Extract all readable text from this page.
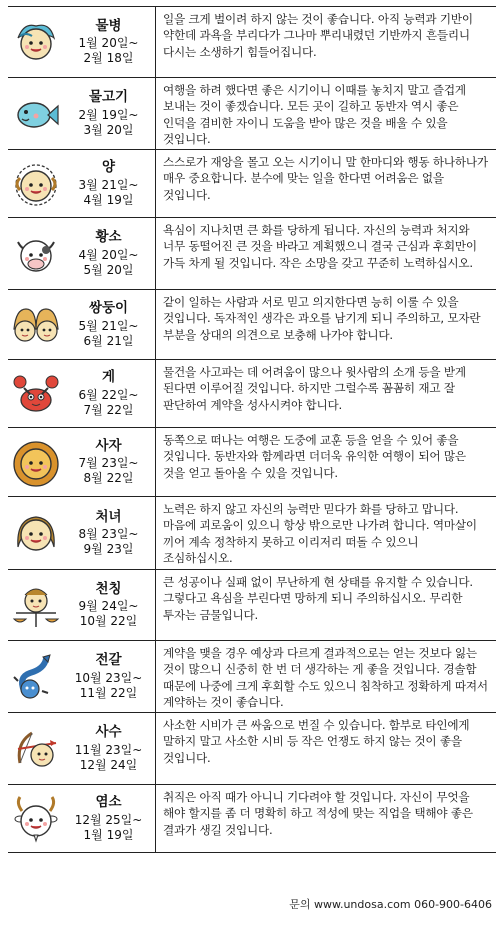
물병
1월 20일~
2월 18일
일을 크게 벌이려 하지 않는 것이 좋습니다. 아직 능력과 기반이 약한데 과욕을 부리다가 그나마 뿌리내렸던 기반까지 흔들리니 다시는 소생하기 힘들어집니다.
물고기
2월 19일~
3월 20일
여행을 하려 했다면 좋은 시기이니 이때를 놓치지 말고 즐겁게 보내는 것이 좋겠습니다. 모든 곳이 길하고 동반자 역시 좋은 인덕을 겸비한 자이니 도움을 받아 많은 것을 배울 수 있을 것입니다.
양
3월 21일~
4월 19일
스스로가 재앙을 몰고 오는 시기이니 말 한마디와 행동 하나하나가 매우 중요합니다. 분수에 맞는 일을 한다면 어려움은 없을 것입니다.
황소
4월 20일~
5월 20일
욕심이 지나치면 큰 화를 당하게 됩니다. 자신의 능력과 처지와 너무 동떨어진 큰 것을 바라고 계획했으니 결국 근심과 후회만이 가득 차게 될 것입니다. 작은 소망을 갖고 꾸준히 노력하십시오.
쌍둥이
5월 21일~
6월 21일
같이 일하는 사람과 서로 믿고 의지한다면 능히 이룰 수 있을 것입니다. 독자적인 생각은 과오를 남기게 되니 주의하고, 모자란 부분을 상대의 의견으로 보충해 나가야 합니다.
게
6월 22일~
7월 22일
물건을 사고파는 데 어려움이 많으나 윗사람의 소개 등을 받게 된다면 이루어질 것입니다. 하지만 그럴수록 꼼꼼히 재고 잘 판단하여 계약을 성사시켜야 합니다.
사자
7월 23일~
8월 22일
동쪽으로 떠나는 여행은 도중에 교훈 등을 얻을 수 있어 좋을 것입니다. 동반자와 함께라면 더더욱 유익한 여행이 되어 많은 것을 얻고 돌아올 수 있을 것입니다.
처녀
8월 23일~
9월 23일
노력은 하지 않고 자신의 능력만 믿다가 화를 당하고 맙니다. 마음에 괴로움이 있으니 항상 밖으로만 나가려 합니다. 역마살이 끼어 계속 정착하지 못하고 이리저리 떠돌 수 있으니 조심하십시오.
천칭
9월 24일~
10월 22일
큰 성공이나 실패 없이 무난하게 현 상태를 유지할 수 있습니다. 그렇다고 욕심을 부린다면 망하게 되니 주의하십시오. 무리한 투자는 금물입니다.
전갈
10월 23일~
11월 22일
계약을 맺을 경우 예상과 다르게 결과적으로는 얻는 것보다 잃는 것이 많으니 신중히 한 번 더 생각하는 게 좋을 것입니다. 경솔함 때문에 나중에 크게 후회할 수도 있으니 침착하고 정확하게 따져서 계약하는 것이 좋습니다.
사수
11월 23일~
12월 24일
사소한 시비가 큰 싸움으로 번질 수 있습니다. 함부로 타인에게 말하지 말고 사소한 시비 등 작은 언쟁도 하지 않는 것이 좋을 것입니다.
염소
12월 25일~
1월 19일
취직은 아직 때가 아니니 기다려야 할 것입니다. 자신이 무엇을 해야 할지를 좀 더 명확히 하고 적성에 맞는 직업을 택해야 좋은 결과가 생길 것입니다.
문의 www.undosa.com 060-900-6406
